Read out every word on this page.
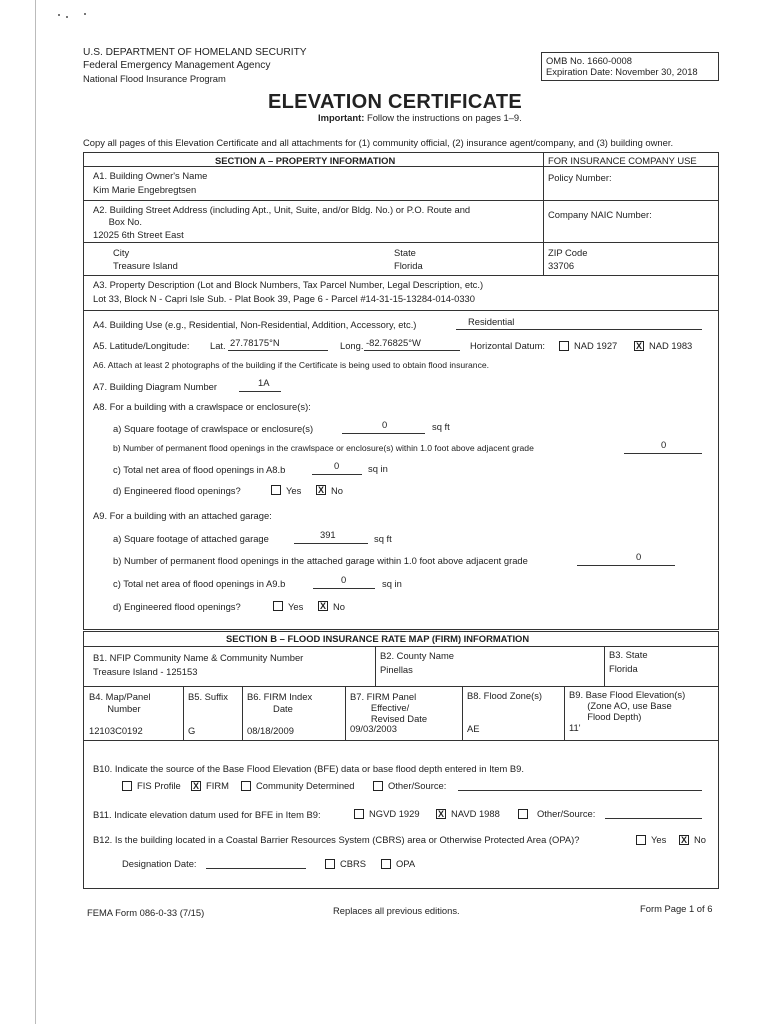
U.S. DEPARTMENT OF HOMELAND SECURITY
Federal Emergency Management Agency
National Flood Insurance Program
OMB No. 1660-0008
Expiration Date: November 30, 2018
ELEVATION CERTIFICATE
Important: Follow the instructions on pages 1–9.
Copy all pages of this Elevation Certificate and all attachments for (1) community official, (2) insurance agent/company, and (3) building owner.
SECTION A – PROPERTY INFORMATION	FOR INSURANCE COMPANY USE
A1. Building Owner's Name
Kim Marie Engebregtsen
Policy Number:
A2. Building Street Address (including Apt., Unit, Suite, and/or Bldg. No.) or P.O. Route and
Box No.
12025 6th Street East
Company NAIC Number:
City
Treasure Island
State
Florida
ZIP Code
33706
A3. Property Description (Lot and Block Numbers, Tax Parcel Number, Legal Description, etc.)
Lot 33, Block N - Capri Isle Sub. - Plat Book 39, Page 6 - Parcel #14-31-15-13284-014-0330
A4. Building Use (e.g., Residential, Non-Residential, Addition, Accessory, etc.)	Residential
A5. Latitude/Longitude: Lat. 27.78175°N	Long. -82.76825°W	Horizontal Datum:	NAD 1927 X NAD 1983
A6. Attach at least 2 photographs of the building if the Certificate is being used to obtain flood insurance.
A7. Building Diagram Number	1A
A8. For a building with a crawlspace or enclosure(s):
a) Square footage of crawlspace or enclosure(s)	0	sq ft
b) Number of permanent flood openings in the crawlspace or enclosure(s) within 1.0 foot above adjacent grade	0
c) Total net area of flood openings in A8.b	0	sq in
d) Engineered flood openings?	Yes X No
A9. For a building with an attached garage:
a) Square footage of attached garage	391	sq ft
b) Number of permanent flood openings in the attached garage within 1.0 foot above adjacent grade	0
c) Total net area of flood openings in A9.b	0	sq in
d) Engineered flood openings?	Yes X No
SECTION B – FLOOD INSURANCE RATE MAP (FIRM) INFORMATION
B1. NFIP Community Name & Community Number
Treasure Island - 125153
B2. County Name
Pinellas
B3. State
Florida
B4. Map/Panel
Number
12103C0192
B5. Suffix
G
B6. FIRM Index
Date
08/18/2009
B7. FIRM Panel
Effective/
Revised Date
09/03/2003
B8. Flood Zone(s)
AE
B9. Base Flood Elevation(s)
(Zone AO, use Base
Flood Depth)
11'
B10. Indicate the source of the Base Flood Elevation (BFE) data or base flood depth entered in Item B9.
FIS Profile X FIRM	Community Determined	Other/Source:
B11. Indicate elevation datum used for BFE in Item B9:	NGVD 1929 X NAVD 1988	Other/Source:
B12. Is the building located in a Coastal Barrier Resources System (CBRS) area or Otherwise Protected Area (OPA)?	Yes X No
Designation Date:	CBRS	OPA
FEMA Form 086-0-33 (7/15)	Replaces all previous editions.	Form Page 1 of 6
